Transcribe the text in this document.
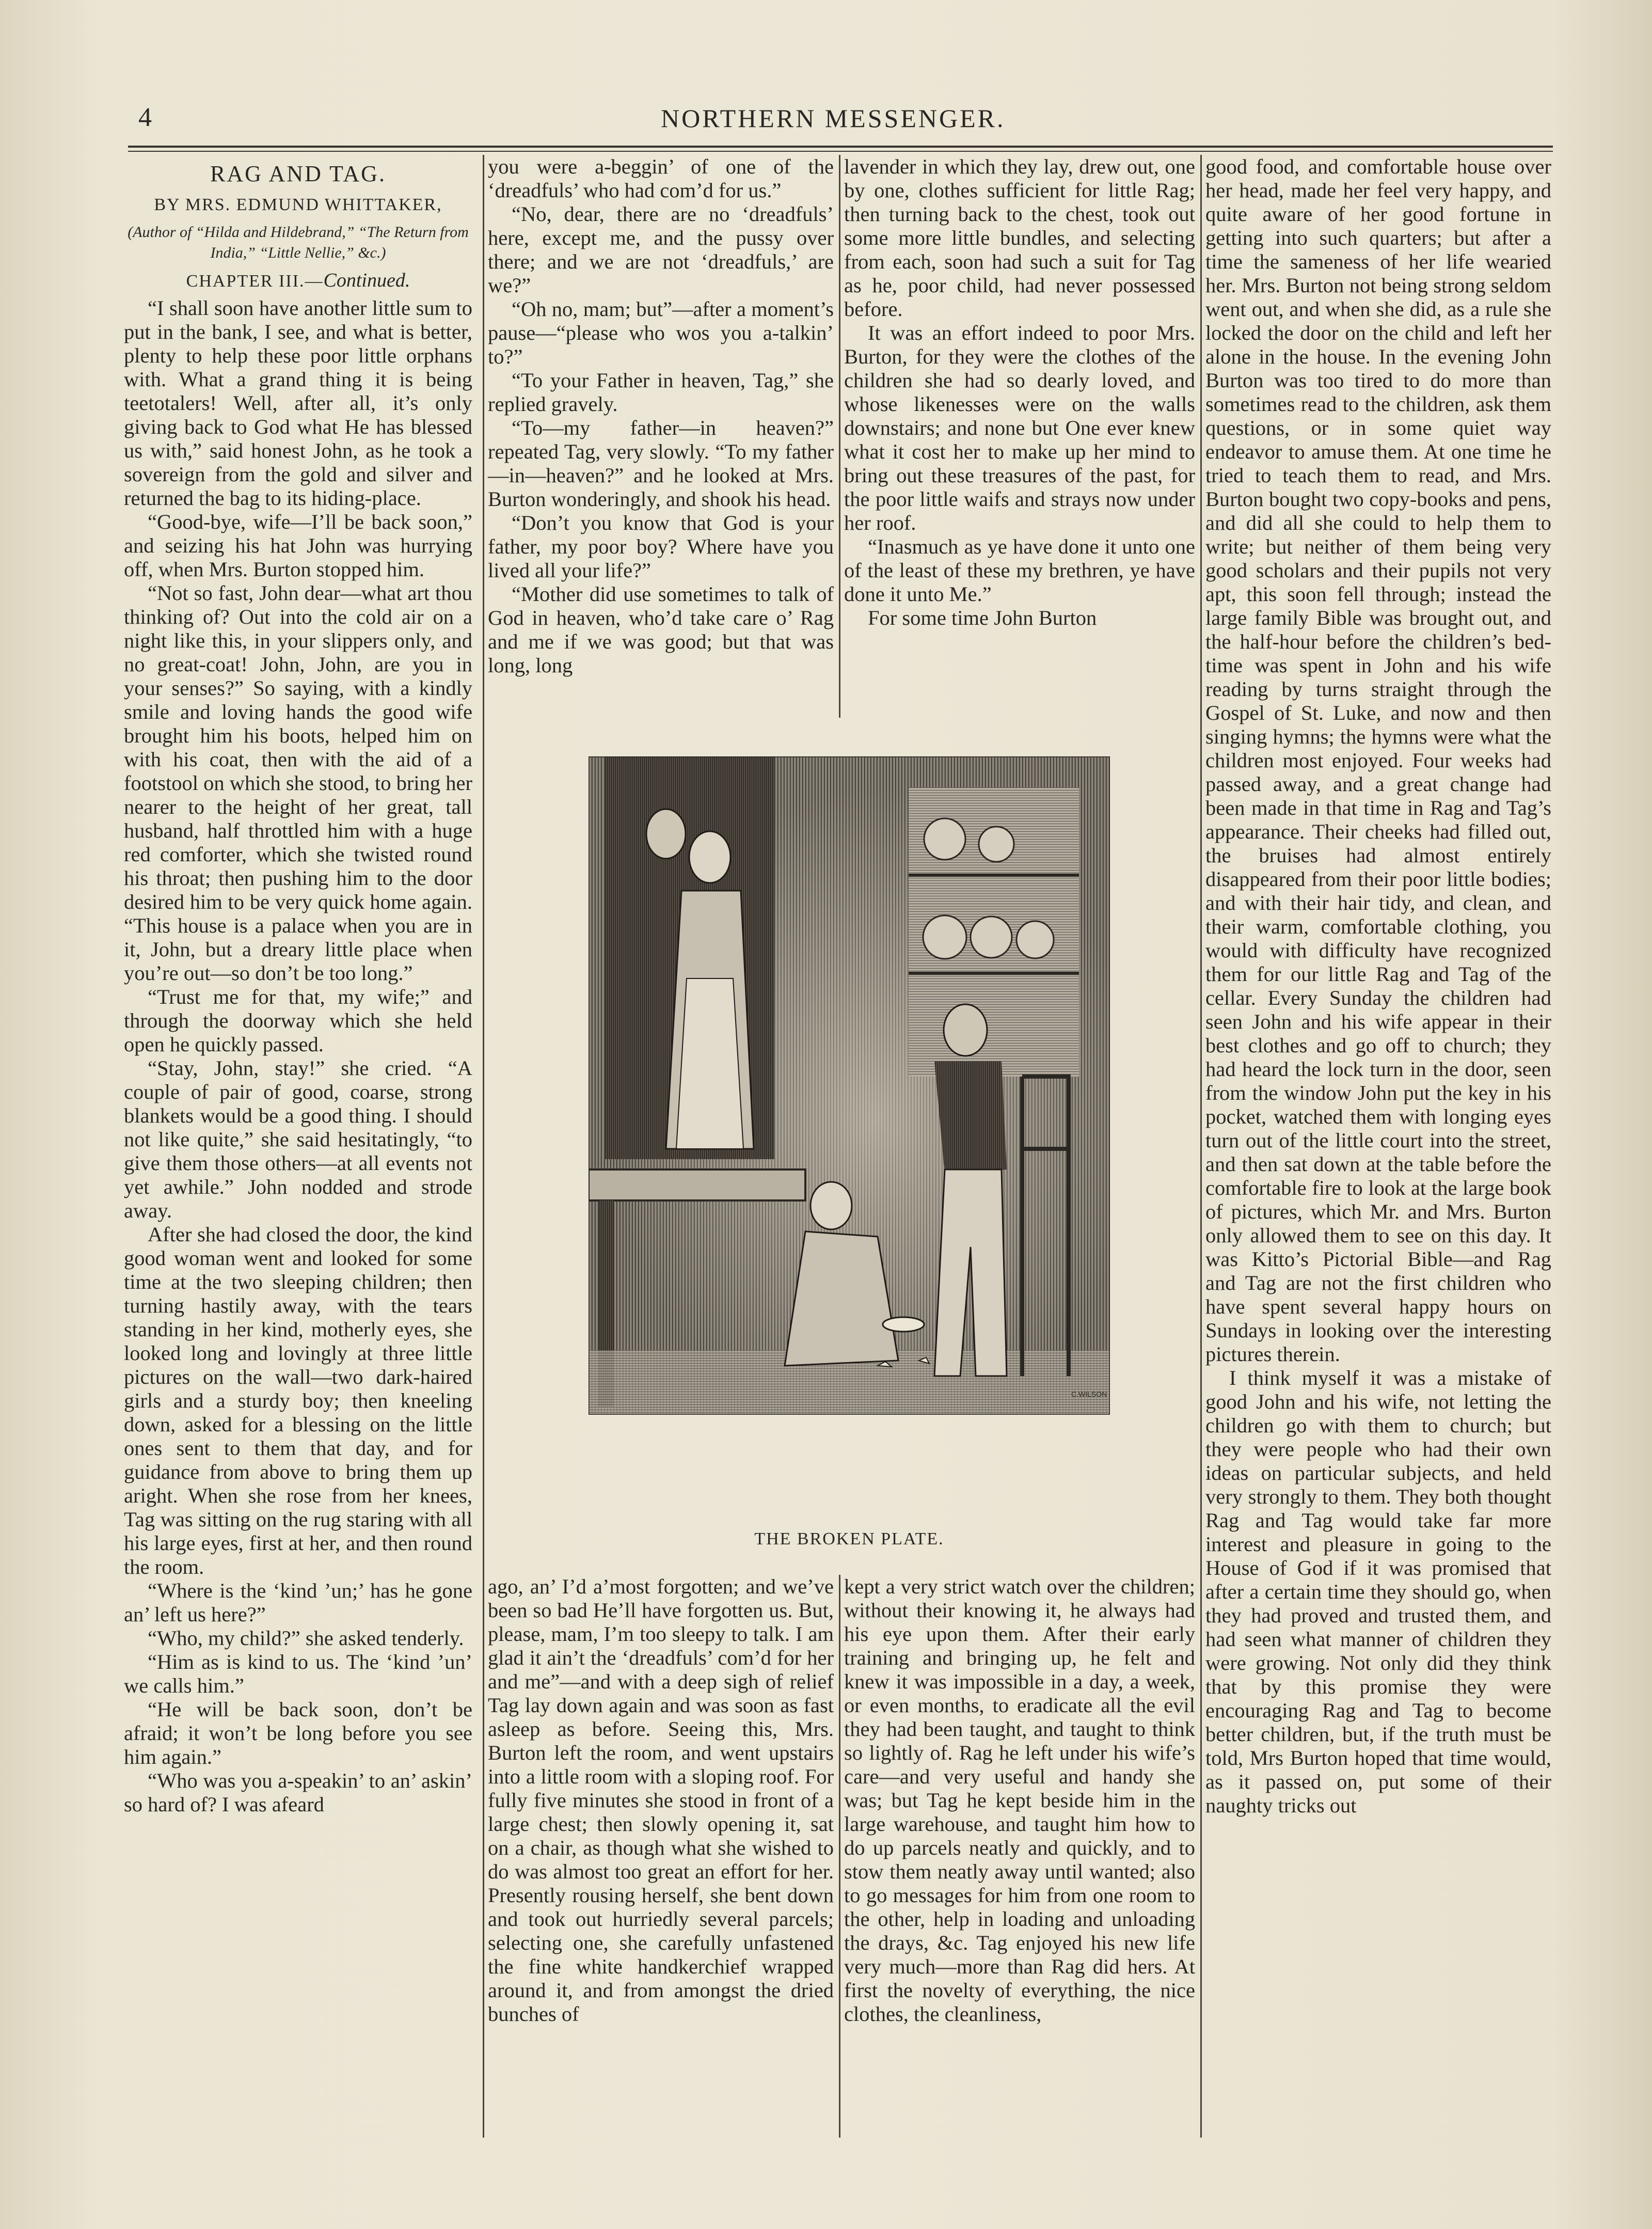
4	NORTHERN MESSENGER.
RAG AND TAG.
BY MRS. EDMUND WHITTAKER,
(Author of “Hilda and Hildebrand,” “The Return from India,” “Little Nellie,” &c.)
CHAPTER III.—Continued.

“I shall soon have another little sum to put in the bank, I see, and what is better, plenty to help these poor little orphans with. What a grand thing it is being teetotalers! Well, after all, it’s only giving back to God what He has blessed us with,” said honest John, as he took a sovereign from the gold and silver and returned the bag to its hiding-place.

“Good-bye, wife—I’ll be back soon,” and seizing his hat John was hurrying off, when Mrs. Burton stopped him.

“Not so fast, John dear—what art thou thinking of? Out into the cold air on a night like this, in your slippers only, and no great-coat! John, John, are you in your senses?” So saying, with a kindly smile and loving hands the good wife brought him his boots, helped him on with his coat, then with the aid of a footstool on which she stood, to bring her nearer to the height of her great, tall husband, half throttled him with a huge red comforter, which she twisted round his throat; then pushing him to the door desired him to be very quick home again. “This house is a palace when you are in it, John, but a dreary little place when you’re out—so don’t be too long.”

“Trust me for that, my wife;” and through the doorway which she held open he quickly passed.

“Stay, John, stay!” she cried. “A couple of pair of good, coarse, strong blankets would be a good thing. I should not like quite,” she said hesitatingly, “to give them those others—at all events not yet awhile.” John nodded and strode away.

After she had closed the door, the kind good woman went and looked for some time at the two sleeping children; then turning hastily away, with the tears standing in her kind, motherly eyes, she looked long and lovingly at three little pictures on the wall—two dark-haired girls and a sturdy boy; then kneeling down, asked for a blessing on the little ones sent to them that day, and for guidance from above to bring them up aright. When she rose from her knees, Tag was sitting on the rug staring with all his large eyes, first at her, and then round the room.

“Where is the ‘kind ’un;’ has he gone an’ left us here?”

“Who, my child?” she asked tenderly.

“Him as is kind to us. The ‘kind ’un’ we calls him.”

“He will be back soon, don’t be afraid; it won’t be long before you see him again.”

“Who was you a-speakin’ to an’ askin’ so hard of? I was afeard

you were a-beggin’ of one of the ‘dreadfuls’ who had com’d for us.”

“No, dear, there are no ‘dreadfuls’ here, except me, and the pussy over there; and we are not ‘dreadfuls,’ are we?”

“Oh no, mam; but”—after a moment’s pause—“please who wos you a-talkin’ to?”

“To your Father in heaven, Tag,” she replied gravely.

“To—my father—in heaven?” repeated Tag, very slowly. “To my father—in—heaven?” and he looked at Mrs. Burton wonderingly, and shook his head.

“Don’t you know that God is your father, my poor boy? Where have you lived all your life?”

“Mother did use sometimes to talk of God in heaven, who’d take care o’ Rag and me if we was good; but that was long, long

lavender in which they lay, drew out, one by one, clothes sufficient for little Rag; then turning back to the chest, took out some more little bundles, and selecting from each, soon had such a suit for Tag as he, poor child, had never possessed before.

It was an effort indeed to poor Mrs. Burton, for they were the clothes of the children she had so dearly loved, and whose likenesses were on the walls downstairs; and none but One ever knew what it cost her to make up her mind to bring out these treasures of the past, for the poor little waifs and strays now under her roof.

“Inasmuch as ye have done it unto one of the least of these my brethren, ye have done it unto Me.”

For some time John Burton

C.WILSON
THE BROKEN PLATE.

ago, an’ I’d a’most forgotten; and we’ve been so bad He’ll have forgotten us. But, please, mam, I’m too sleepy to talk. I am glad it ain’t the ‘dreadfuls’ com’d for her and me”—and with a deep sigh of relief Tag lay down again and was soon as fast asleep as before. Seeing this, Mrs. Burton left the room, and went upstairs into a little room with a sloping roof. For fully five minutes she stood in front of a large chest; then slowly opening it, sat on a chair, as though what she wished to do was almost too great an effort for her. Presently rousing herself, she bent down and took out hurriedly several parcels; selecting one, she carefully unfastened the fine white handkerchief wrapped around it, and from amongst the dried bunches of

kept a very strict watch over the children; without their knowing it, he always had his eye upon them. After their early training and bringing up, he felt and knew it was impossible in a day, a week, or even months, to eradicate all the evil they had been taught, and taught to think so lightly of. Rag he left under his wife’s care—and very useful and handy she was; but Tag he kept beside him in the large warehouse, and taught him how to do up parcels neatly and quickly, and to stow them neatly away until wanted; also to go messages for him from one room to the other, help in loading and unloading the drays, &c. Tag enjoyed his new life very much—more than Rag did hers. At first the novelty of everything, the nice clothes, the cleanliness,

good food, and comfortable house over her head, made her feel very happy, and quite aware of her good fortune in getting into such quarters; but after a time the sameness of her life wearied her. Mrs. Burton not being strong seldom went out, and when she did, as a rule she locked the door on the child and left her alone in the house. In the evening John Burton was too tired to do more than sometimes read to the children, ask them questions, or in some quiet way endeavor to amuse them. At one time he tried to teach them to read, and Mrs. Burton bought two copy-books and pens, and did all she could to help them to write; but neither of them being very good scholars and their pupils not very apt, this soon fell through; instead the large family Bible was brought out, and the half-hour before the children’s bed-time was spent in John and his wife reading by turns straight through the Gospel of St. Luke, and now and then singing hymns; the hymns were what the children most enjoyed. Four weeks had passed away, and a great change had been made in that time in Rag and Tag’s appearance. Their cheeks had filled out, the bruises had almost entirely disappeared from their poor little bodies; and with their hair tidy, and clean, and their warm, comfortable clothing, you would with difficulty have recognized them for our little Rag and Tag of the cellar. Every Sunday the children had seen John and his wife appear in their best clothes and go off to church; they had heard the lock turn in the door, seen from the window John put the key in his pocket, watched them with longing eyes turn out of the little court into the street, and then sat down at the table before the comfortable fire to look at the large book of pictures, which Mr. and Mrs. Burton only allowed them to see on this day. It was Kitto’s Pictorial Bible—and Rag and Tag are not the first children who have spent several happy hours on Sundays in looking over the interesting pictures therein.

I think myself it was a mistake of good John and his wife, not letting the children go with them to church; but they were people who had their own ideas on particular subjects, and held very strongly to them. They both thought Rag and Tag would take far more interest and pleasure in going to the House of God if it was promised that after a certain time they should go, when they had proved and trusted them, and had seen what manner of children they were growing. Not only did they think that by this promise they were encouraging Rag and Tag to become better children, but, if the truth must be told, Mrs Burton hoped that time would, as it passed on, put some of their naughty tricks out
